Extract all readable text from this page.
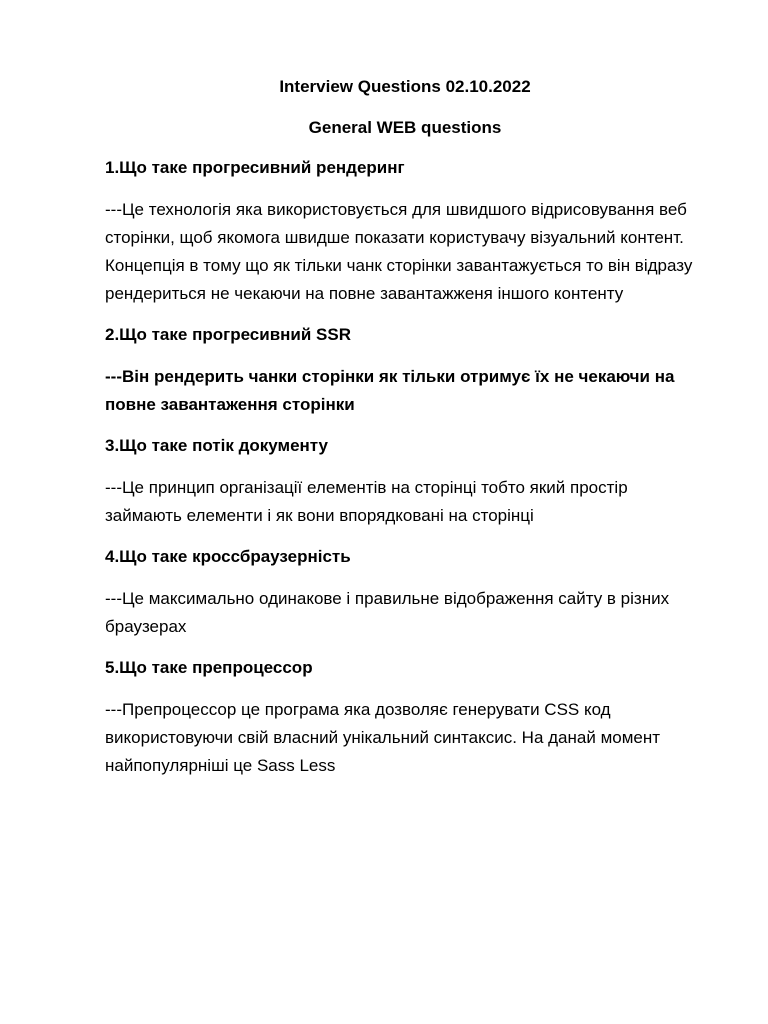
Interview Questions 02.10.2022
General WEB questions
1.Що таке прогресивний рендеринг
---Це технологія яка використовується для швидшого відрисовування веб сторінки, щоб якомога швидше показати користувачу візуальний контент. Концепція в тому що як тільки чанк сторінки завантажується то він відразу рендериться не чекаючи на повне завантажженя іншого контенту
2.Що таке прогресивний SSR
---Він рендерить чанки сторінки як тільки отримує їх не чекаючи на повне завантаження сторінки
3.Що таке потік документу
---Це принцип організації елементів на сторінці тобто який простір займають елементи і як вони впорядковані на сторінці
4.Що таке кроссбраузерність
---Це максимально одинакове і правильне відображення сайту в різних браузерах
5.Що таке препроцессор
---Препроцессор це програма яка дозволяє генерувати CSS код використовуючи свій власний унікальний синтаксис. На данай момент найпопулярніші це Sass Less
